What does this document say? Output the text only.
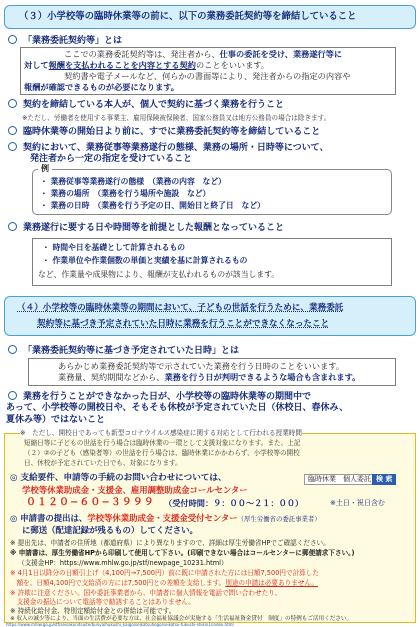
（３）小学校等の臨時休業等の前に、以下の業務委託契約等を締結していること
「業務委託契約等」とは
ここでの業務委託契約等は、発注者から、仕事の委託を受け、業務遂行等に
対して報酬を支払われることを内容とする契約のことをいいます。
契約書や電子メールなど、何らかの書面等により、発注者からの指定の内容や
報酬が確認できるものが必要になります。
契約を締結している本人が、個人で契約に基づく業務を行うこと
※ただし、労働者を使用する事業主、雇用保険被保険者、国家公務員又は地方公務員の場合は除きます。
臨時休業等の開始日より前に、すでに業務委託契約等を締結していること
契約において、業務従事等業務遂行の態様、業務の場所・日時等について、
発注者から一定の指定を受けていること
例
・ 業務従事等業務遂行の態様　（業務の内容　など）
・ 業務の場所　（業務を行う場所や施設　など）
・ 業務の日時　（業務を行う予定の日、開始日と終了日　など）
業務遂行に要する日や時間等を前提とした報酬となっていること
・ 時間や日を基礎として計算されるもの
・ 作業単位や作業個数の単価と実績を基に計算されるもの
など、作業量や成果物により、報酬が支払われるものが該当します。
（４）小学校等の臨時休業等の期間において、子どもの世話を行うために、業務委託
契約等に基づき予定されていた日時に業務を行うことができなくなったこと
「業務委託契約等に基づき予定されていた日時」とは
あらかじめ業務委託契約等で示されていた業務を行う日時のことをいいます。
業務量、契約期間などから、業務を行う日が判明できるような場合も含まれます。
業務を行うことができなかった日が、小学校等の臨時休業等の期間中で
あって、小学校等の開校日や、そもそも休校が予定されていた日（休校日、春休み、
夏休み等）ではないこと
※　ただし、開校日であっても新型コロナウイルス感染症に関する対応として行われる授業時間
短縮日等に子どもの世話を行う場合は臨時休業の一環として支援対象になります。また、上記
（２）②の子ども（感染者等）の世話を行う場合は、臨時休業にかかわらず、小学校等の開校
日、休校が予定されていた日でも、対象になります。
◎ 支給要件、申請等の手続のお問い合わせについては、
学校等休業助成金・支援金、雇用調整助成金コールセンター
０１２０−６０−３９９９ （受付時間：９：００〜２１：００）	※土日・祝日含む
臨時休業　個人委託 検 索
◎ 申請書の提出は、学校等休業助成金・支援金受付センター（厚生労働省の委託事業者）
に郵送（配達記録が残るもの）してください。
※ 提出先は、申請者の住所地（都道府県）により異なりますので、詳細は厚生労働省HPでご確認ください。
※ 申請書は、厚生労働省HPから印刷して使用して下さい。(印刷できない場合はコールセンターに郵便請求下さい。)
（支援金HP：https://www.mhlw.go.jp/stf/newpage_10231.html）
※ 4月1日以降分の日額引上げ（4,100円→7,500円）前に既に申請された方には日額7,500円で計算した
　額を、日額4,100円で支給済の方には7,500円との差額を支給します。別途の申請は必要ありません。
※ 許欺に注意ください。国や委託事業者から、申請者に個人情報を電話で問い合わせたり、
　支援金の振込について電話等で勧誘することはありません。
※ 持続化給付金、特別定額給付金との併給は可能です。
※ 収入の減少等により、当面の生活費が必要な方は、社会福祉協議会が実施する「生活福祉資金貸付　制度」の特例もご活用ください。
https://www.mhlw.go.jp/stf/seisakunitsuite/bunya/hukushi_kaigo/seikatsuhogo/seikatsu-fukushi-shikin1/index.html
